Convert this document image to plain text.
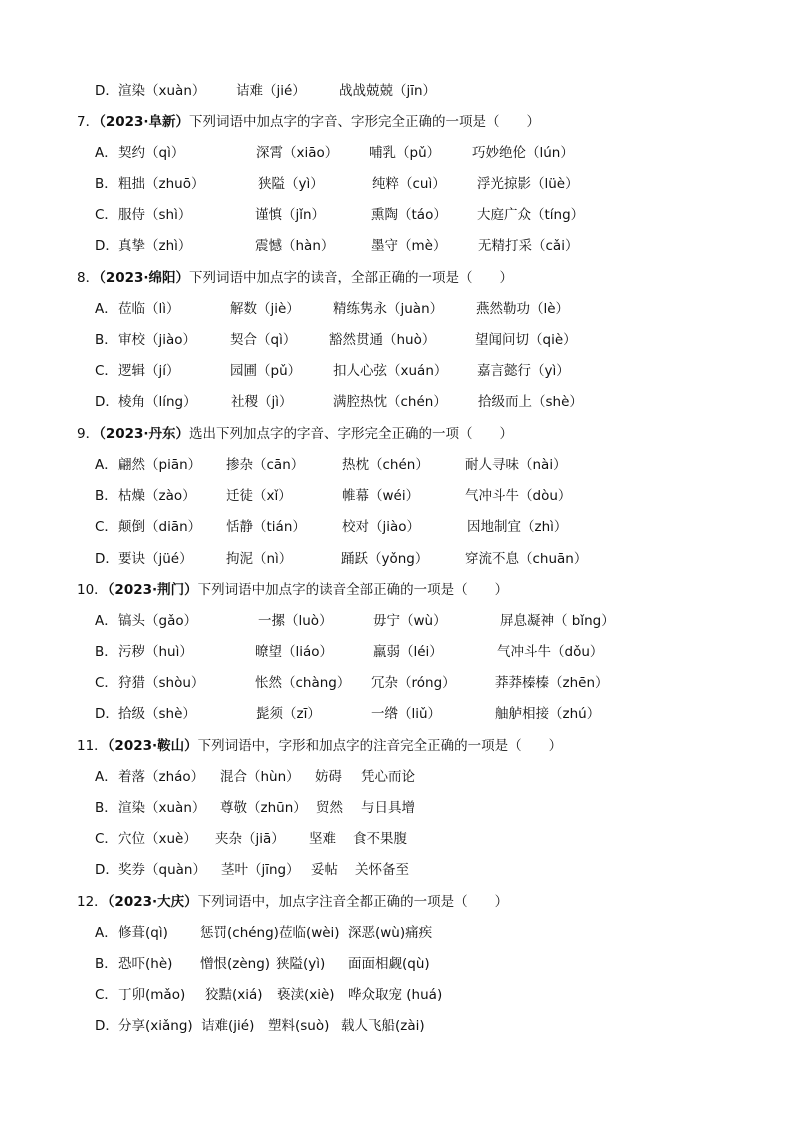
D． 渲染（xuàn） 诘难（jié） 战战兢兢（jīn）
7．（2023·阜新）下列词语中加点字的字音、字形完全正确的一项是（　　）
A． 契约（qì）	深霄（xiāo） 哺乳（pǔ） 巧妙绝伦（lún）
B． 粗拙（zhuō）	狭隘（yì）	纯粹（cuì） 浮光掠影（lüè）
C． 服侍（shì）	谨慎（jǐn）	熏陶（táo） 大庭广众（tíng）
D． 真挚（zhì）	震憾（hàn）	墨守（mè） 无精打采（cǎi）
8．（2023·绵阳）下列词语中加点字的读音，全部正确的一项是（　　）
A． 莅临（lì）	解数（jiè） 精练隽永（juàn） 燕然勒功（lè）
B． 审校（jiào）	契合（qì） 豁然贯通（huò）	望闻问切（qiè）
C． 逻辑（jí）	园圃（pǔ） 扣人心弦（xuán） 嘉言懿行（yì）
D． 棱角（líng）	社稷（jì）	满腔热忱（chén） 拾级而上（shè）
9．（2023·丹东）选出下列加点字的字音、字形完全正确的一项（　　）
A． 翩然（piān） 掺杂（cān）	热枕（chén）	耐人寻味（nài）
B． 枯燥（zào） 迁徒（xǐ）	帷幕（wéi）	气冲斗牛（dòu）
C． 颠倒（diān） 恬静（tián）	校对（jiào）	因地制宜（zhì）
D． 要诀（jüé） 拘泥（nì）	踊跃（yǒng）	穿流不息（chuān）
10．（2023·荆门）下列词语中加点字的读音全部正确的一项是（　　）
A． 镐头（gǎo）	一摞（luò）	毋宁（wù）	屏息凝神（ bǐng）
B． 污秽（huì）	暸望（liáo）	羸弱（léi）	气冲斗牛（dǒu）
C． 狩猎（shòu）	怅然（chàng） 冗杂（róng）	莽莽榛榛（zhēn）
D． 拾级（shè）	髭须（zī）	一绺（liǔ）	舳舻相接（zhú）
11．（2023·鞍山）下列词语中，字形和加点字的注音完全正确的一项是（　　）
A． 着落（zháo） 混合（hùn） 妨碍 凭心而论
B． 渲染（xuàn） 尊敬（zhūn） 贸然 与日具增
C． 穴位（xuè） 夹杂（jiā） 坚难 食不果腹
D． 奖券（quàn） 茎叶（jīng） 妥帖 关怀备至
12．（2023·大庆）下列词语中，加点字注音全都正确的一项是（　　）
A． 修葺(qì) 惩罚(chéng)莅临(wèi) 深恶(wù)痛疾
B． 恐吓(hè) 憎恨(zèng) 狭隘(yì) 面面相觑(qù)
C． 丁卯(mǎo) 狡黠(xiá) 亵渎(xiè) 哗众取宠 (huá)
D． 分享(xiǎng) 诘难(jié) 塑料(suò) 载人飞船(zài)
